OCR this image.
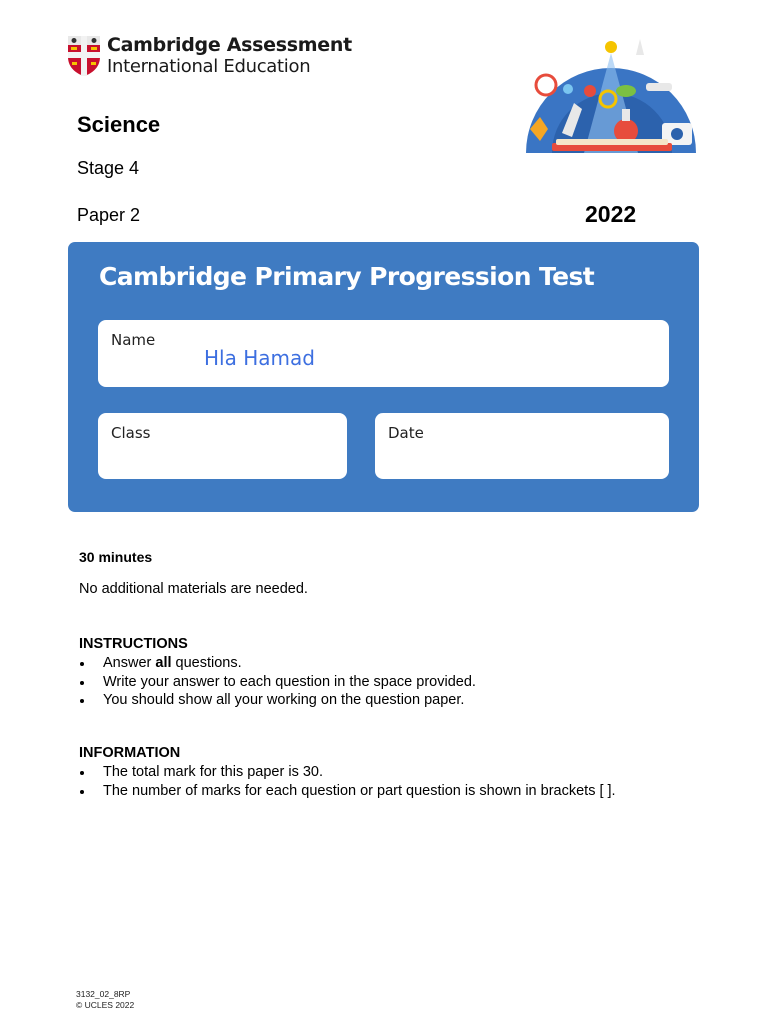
Cambridge Assessment
International Education
Science
Stage 4
Paper 2	2022
Cambridge Primary Progression Test
Name
Hla Hamad
Class	Date
30 minutes
No additional materials are needed.
INSTRUCTIONS
Answer all questions.
Write your answer to each question in the space provided.
You should show all your working on the question paper.
INFORMATION
The total mark for this paper is 30.
The number of marks for each question or part question is shown in brackets [ ].
3132_02_8RP
© UCLES 2022
